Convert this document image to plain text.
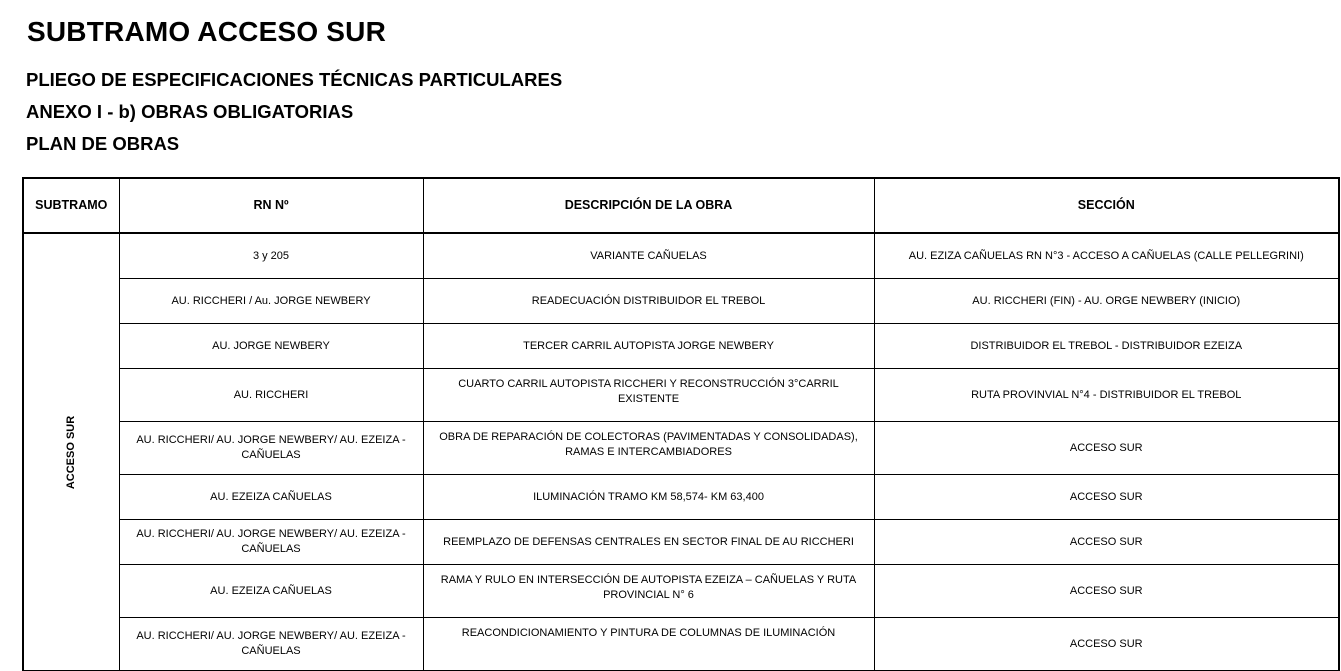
SUBTRAMO ACCESO SUR
PLIEGO DE ESPECIFICACIONES TÉCNICAS PARTICULARES
ANEXO I - b) OBRAS OBLIGATORIAS
PLAN DE OBRAS
SUBTRAMO	RN Nº	DESCRIPCIÓN DE LA OBRA	SECCIÓN
ACCESO SUR	3 y 205	VARIANTE CAÑUELAS	AU. EZIZA CAÑUELAS RN N°3 - ACCESO A CAÑUELAS (CALLE PELLEGRINI)
	AU. RICCHERI / Au. JORGE NEWBERY	READECUACIÓN DISTRIBUIDOR EL TREBOL	AU. RICCHERI (FIN) - AU. ORGE NEWBERY (INICIO)
	AU. JORGE NEWBERY	TERCER CARRIL AUTOPISTA JORGE NEWBERY	DISTRIBUIDOR EL TREBOL - DISTRIBUIDOR EZEIZA
	AU. RICCHERI	CUARTO CARRIL AUTOPISTA RICCHERI Y RECONSTRUCCIÓN 3°CARRIL EXISTENTE	RUTA PROVINVIAL N°4 - DISTRIBUIDOR EL TREBOL
	AU. RICCHERI/ AU. JORGE NEWBERY/ AU. EZEIZA - CAÑUELAS	OBRA DE REPARACIÓN DE COLECTORAS (PAVIMENTADAS Y CONSOLIDADAS), RAMAS E INTERCAMBIADORES	ACCESO SUR
	AU. EZEIZA CAÑUELAS	ILUMINACIÓN TRAMO KM 58,574- KM 63,400	ACCESO SUR
	AU. RICCHERI/ AU. JORGE NEWBERY/ AU. EZEIZA - CAÑUELAS	REEMPLAZO DE DEFENSAS CENTRALES EN SECTOR FINAL DE AU RICCHERI	ACCESO SUR
	AU. EZEIZA CAÑUELAS	RAMA Y RULO EN INTERSECCIÓN DE AUTOPISTA EZEIZA – CAÑUELAS Y RUTA PROVINCIAL N° 6	ACCESO SUR
	AU. RICCHERI/ AU. JORGE NEWBERY/ AU. EZEIZA - CAÑUELAS	REACONDICIONAMIENTO Y PINTURA DE COLUMNAS DE ILUMINACIÓN	ACCESO SUR
